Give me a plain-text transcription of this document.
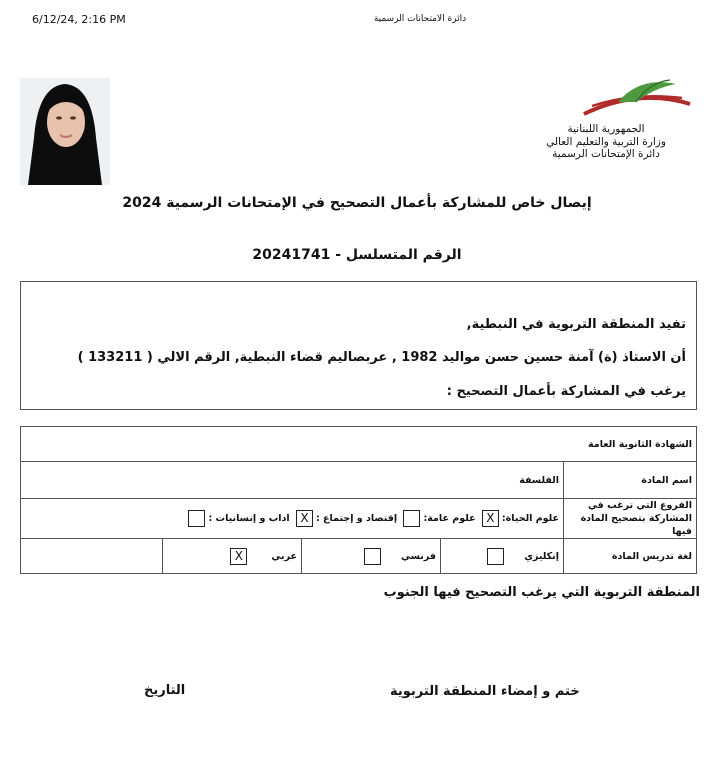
6/12/24, 2:16 PM	دائرة الامتحانات الرسمية
الجمهورية اللبنانية
وزارة التربية والتعليم العالي
دائرة الإمتحانات الرسمية
إيصال خاص للمشاركة بأعمال التصحيح في الإمتحانات الرسمية 2024
الرقم المتسلسل - 20241741

تفيد المنطقة التربوية في النبطية,

أن الاستاذ (ة) آمنة حسين حسن مواليد 1982 , عربصاليم قضاء النبطية, الرقم الالي ( 133211 )

يرغب في المشاركة بأعمال التصحيح :

الشهادة الثانوية العامة				
اسم المادة	الفلسفة			
الفروع التي ترغب في المشاركة بتصحيح المادة فيها	علوم الحياة:X علوم عامة: إقتصاد و إجتماع :X اداب و إنسانيات :			
لغة تدريس المادة	إنكليزي	فرنسي	عربيX	
المنطقة التربوية التي يرغب التصحيح فيها الجنوب
ختم و إمضاء المنطقة التربوية
التاريخ
